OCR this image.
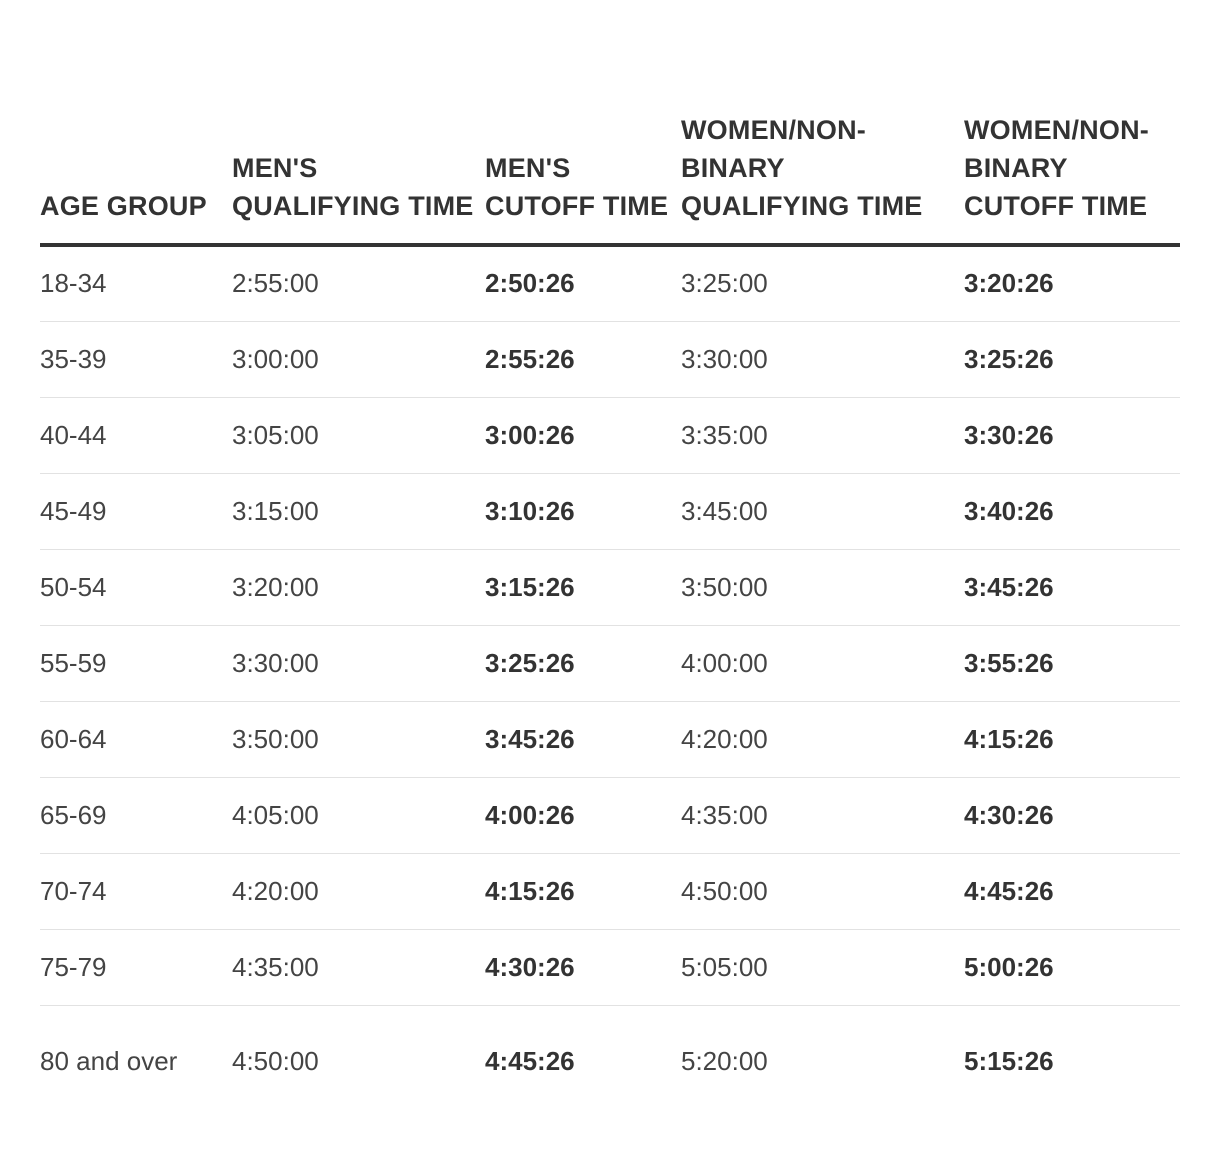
AGE GROUP	MEN'S QUALIFYING TIME	MEN'S CUTOFF TIME	WOMEN/NON-BINARY QUALIFYING TIME	WOMEN/NON-BINARY CUTOFF TIME
18-34	2:55:00	2:50:26	3:25:00	3:20:26
35-39	3:00:00	2:55:26	3:30:00	3:25:26
40-44	3:05:00	3:00:26	3:35:00	3:30:26
45-49	3:15:00	3:10:26	3:45:00	3:40:26
50-54	3:20:00	3:15:26	3:50:00	3:45:26
55-59	3:30:00	3:25:26	4:00:00	3:55:26
60-64	3:50:00	3:45:26	4:20:00	4:15:26
65-69	4:05:00	4:00:26	4:35:00	4:30:26
70-74	4:20:00	4:15:26	4:50:00	4:45:26
75-79	4:35:00	4:30:26	5:05:00	5:00:26
80 and over	4:50:00	4:45:26	5:20:00	5:15:26
